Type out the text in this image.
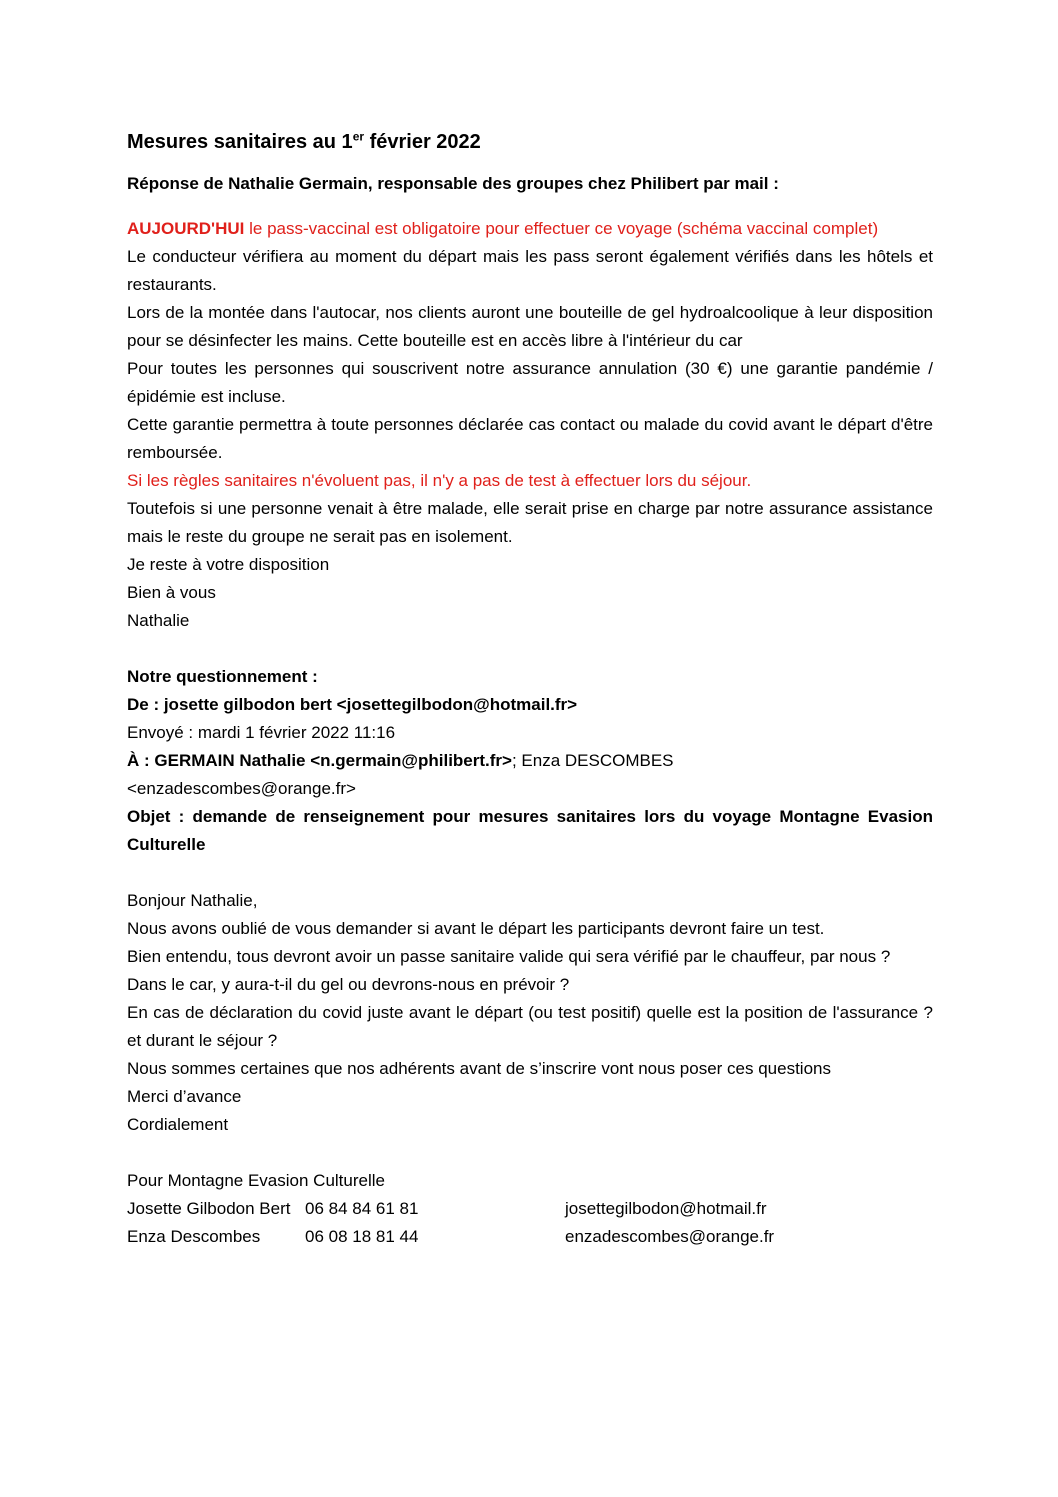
Mesures sanitaires au 1er février 2022
Réponse de Nathalie Germain, responsable des groupes chez Philibert par mail :

AUJOURD'HUI le pass-vaccinal est obligatoire pour effectuer ce voyage (schéma vaccinal complet)

Le conducteur vérifiera au moment du départ mais les pass seront également vérifiés dans les hôtels et restaurants.

Lors de la montée dans l'autocar, nos clients auront une bouteille de gel hydroalcoolique à leur disposition pour se désinfecter les mains. Cette bouteille est en accès libre à l'intérieur du car

Pour toutes les personnes qui souscrivent notre assurance annulation (30 €) une garantie pandémie /épidémie est incluse.

Cette garantie permettra à toute personnes déclarée cas contact ou malade du covid avant le départ d'être remboursée.

Si les règles sanitaires n'évoluent pas, il n'y a pas de test à effectuer lors du séjour.

Toutefois si une personne venait à être malade, elle serait prise en charge par notre assurance assistance mais le reste du groupe ne serait pas en isolement.

Je reste à votre disposition

Bien à vous

Nathalie

Notre questionnement :

De : josette gilbodon bert <josettegilbodon@hotmail.fr>

Envoyé : mardi 1 février 2022 11:16

À : GERMAIN Nathalie <n.germain@philibert.fr>; Enza DESCOMBES

<enzadescombes@orange.fr>

Objet : demande de renseignement pour mesures sanitaires lors du voyage Montagne Evasion Culturelle

Bonjour Nathalie,

Nous avons oublié de vous demander si avant le départ les participants devront faire un test.

Bien entendu, tous devront avoir un passe sanitaire valide qui sera vérifié par le chauffeur, par nous ?

Dans le car, y aura-t-il du gel ou devrons-nous en prévoir ?

En cas de déclaration du covid juste avant le départ (ou test positif) quelle est la position de l'assurance ? et durant le séjour ?

Nous sommes certaines que nos adhérents avant de s’inscrire vont nous poser ces questions

Merci d’avance

Cordialement

Pour Montagne Evasion Culturelle

Josette Gilbodon Bert 06 84 84 61 81	josettegilbodon@hotmail.fr
Enza Descombes	06 08 18 81 44	enzadescombes@orange.fr
